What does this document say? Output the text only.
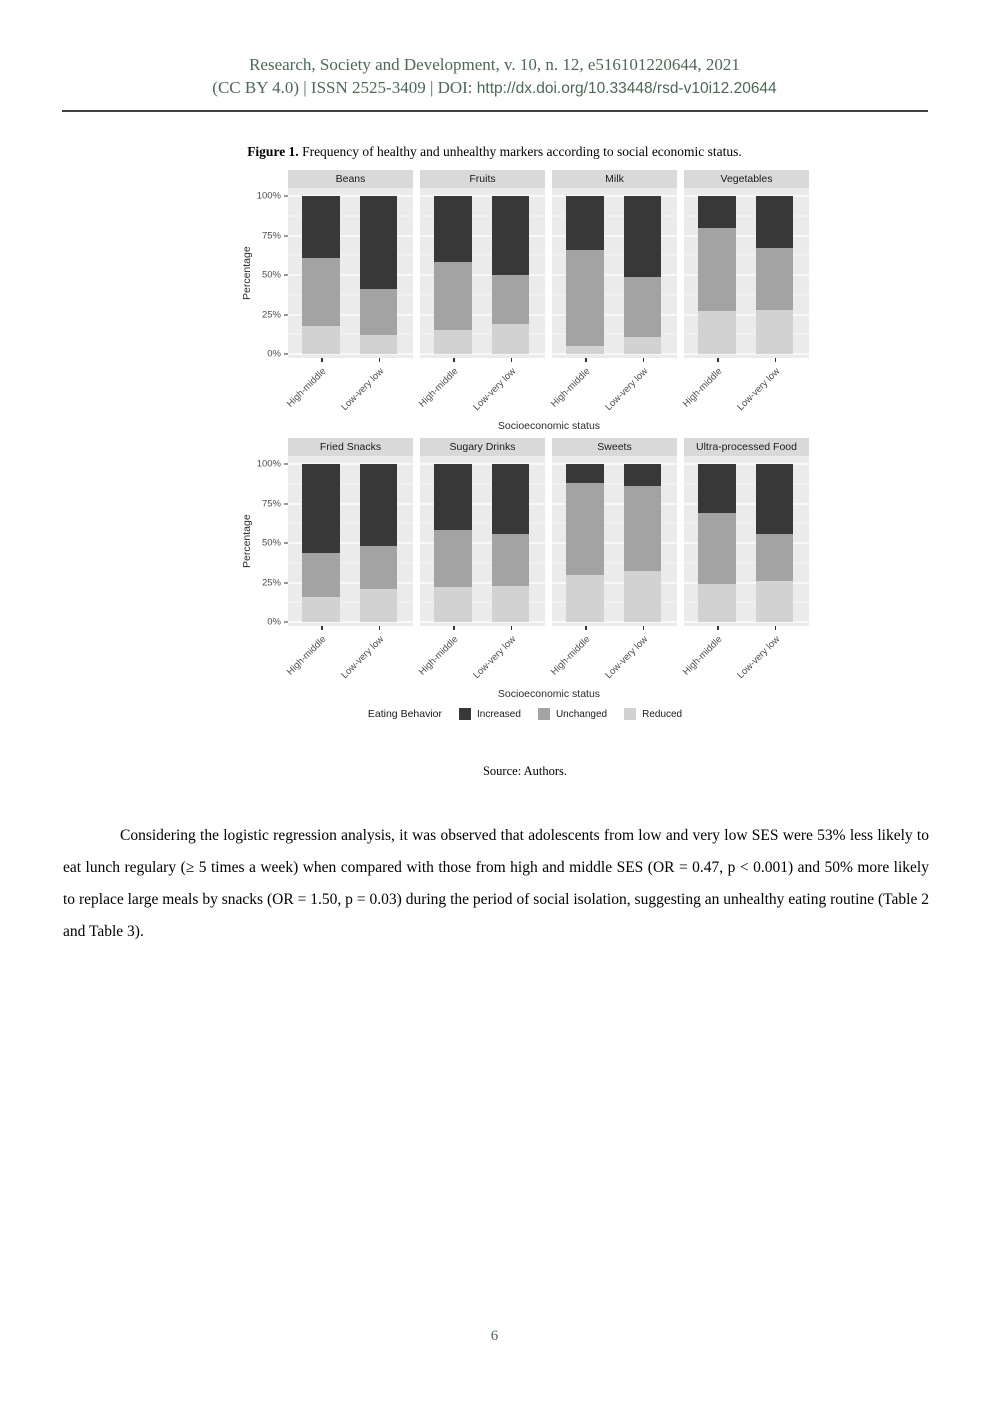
Research, Society and Development, v. 10, n. 12, e516101220644, 2021
(CC BY 4.0) | ISSN 2525-3409 | DOI: http://dx.doi.org/10.33448/rsd-v10i12.20644
Figure 1. Frequency of healthy and unhealthy markers according to social economic status.
Percentage
0%
25%
50%
75%
100%
Beans
High-middle Low-very low
Fruits
High-middle Low-very low
Milk
High-middle Low-very low
Vegetables
High-middle Low-very low
Socioeconomic status
Percentage
0%
25%
50%
75%
100%
Fried Snacks
High-middle Low-very low
Sugary Drinks
High-middle Low-very low
Sweets
High-middle Low-very low
Ultra-processed Food
High-middle Low-very low
Socioeconomic status
Eating Behavior	Increased	Unchanged	Reduced
Source: Authors.

Considering the logistic regression analysis, it was observed that adolescents from low and very low SES were 53% less likely to eat lunch regulary (≥ 5 times a week) when compared with those from high and middle SES (OR = 0.47, p < 0.001) and 50% more likely to replace large meals by snacks (OR = 1.50, p = 0.03) during the period of social isolation, suggesting an unhealthy eating routine (Table 2 and Table 3).

6
